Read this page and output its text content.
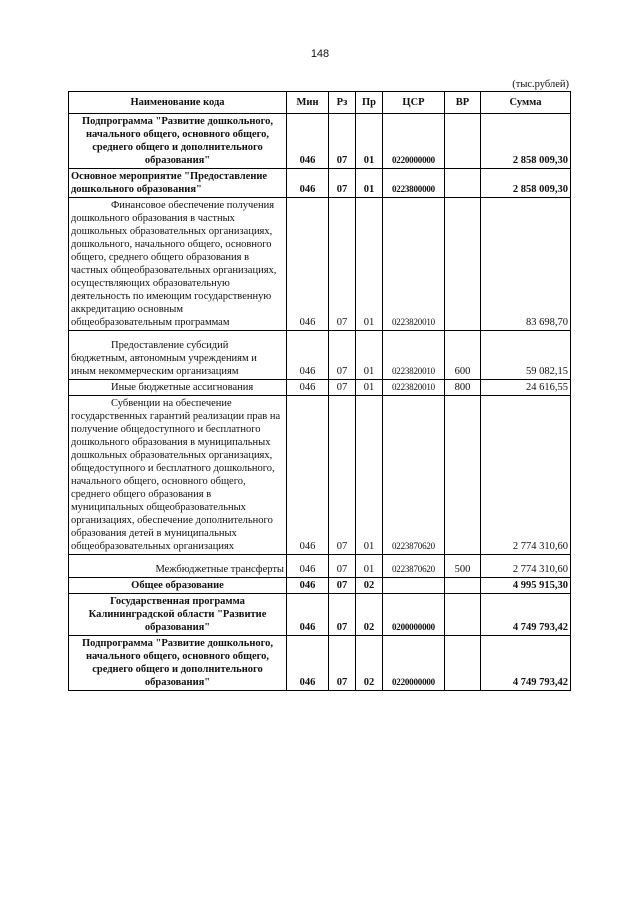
148
(тыс.рублей)
Наименование кода	Мин	Рз	Пр	ЦСР	ВР	Сумма
Подпрограмма "Развитие дошкольного, начального общего, основного общего, среднего общего и дополнительного образования"	046	07	01	0220000000		2 858 009,30
Основное мероприятие "Предоставление дошкольного образования"	046	07	01	0223800000		2 858 009,30
Финансовое обеспечение получения дошкольного образования в частных дошкольных образовательных организациях, дошкольного, начального общего, основного общего, среднего общего образования в частных общеобразовательных организациях, осуществляющих образовательную деятельность по имеющим государственную аккредитацию основным общеобразовательным программам	046	07	01	0223820010		83 698,70
Предоставление субсидий бюджетным, автономным учреждениям и иным некоммерческим организациям	046	07	01	0223820010	600	59 082,15
Иные бюджетные ассигнования	046	07	01	0223820010	800	24 616,55
Субвенции на обеспечение государственных гарантий реализации прав на получение общедоступного и бесплатного дошкольного образования в муниципальных дошкольных образовательных организациях, общедоступного и бесплатного дошкольного, начального общего, основного общего, среднего общего образования в муниципальных общеобразовательных организациях, обеспечение дополнительного образования детей в муниципальных общеобразовательных организациях	046	07	01	0223870620		2 774 310,60
Межбюджетные трансферты	046	07	01	0223870620	500	2 774 310,60
Общее образование	046	07	02			4 995 915,30
Государственная программа Калининградской области "Развитие образования"	046	07	02	0200000000		4 749 793,42
Подпрограмма "Развитие дошкольного, начального общего, основного общего, среднего общего и дополнительного образования"	046	07	02	0220000000		4 749 793,42
